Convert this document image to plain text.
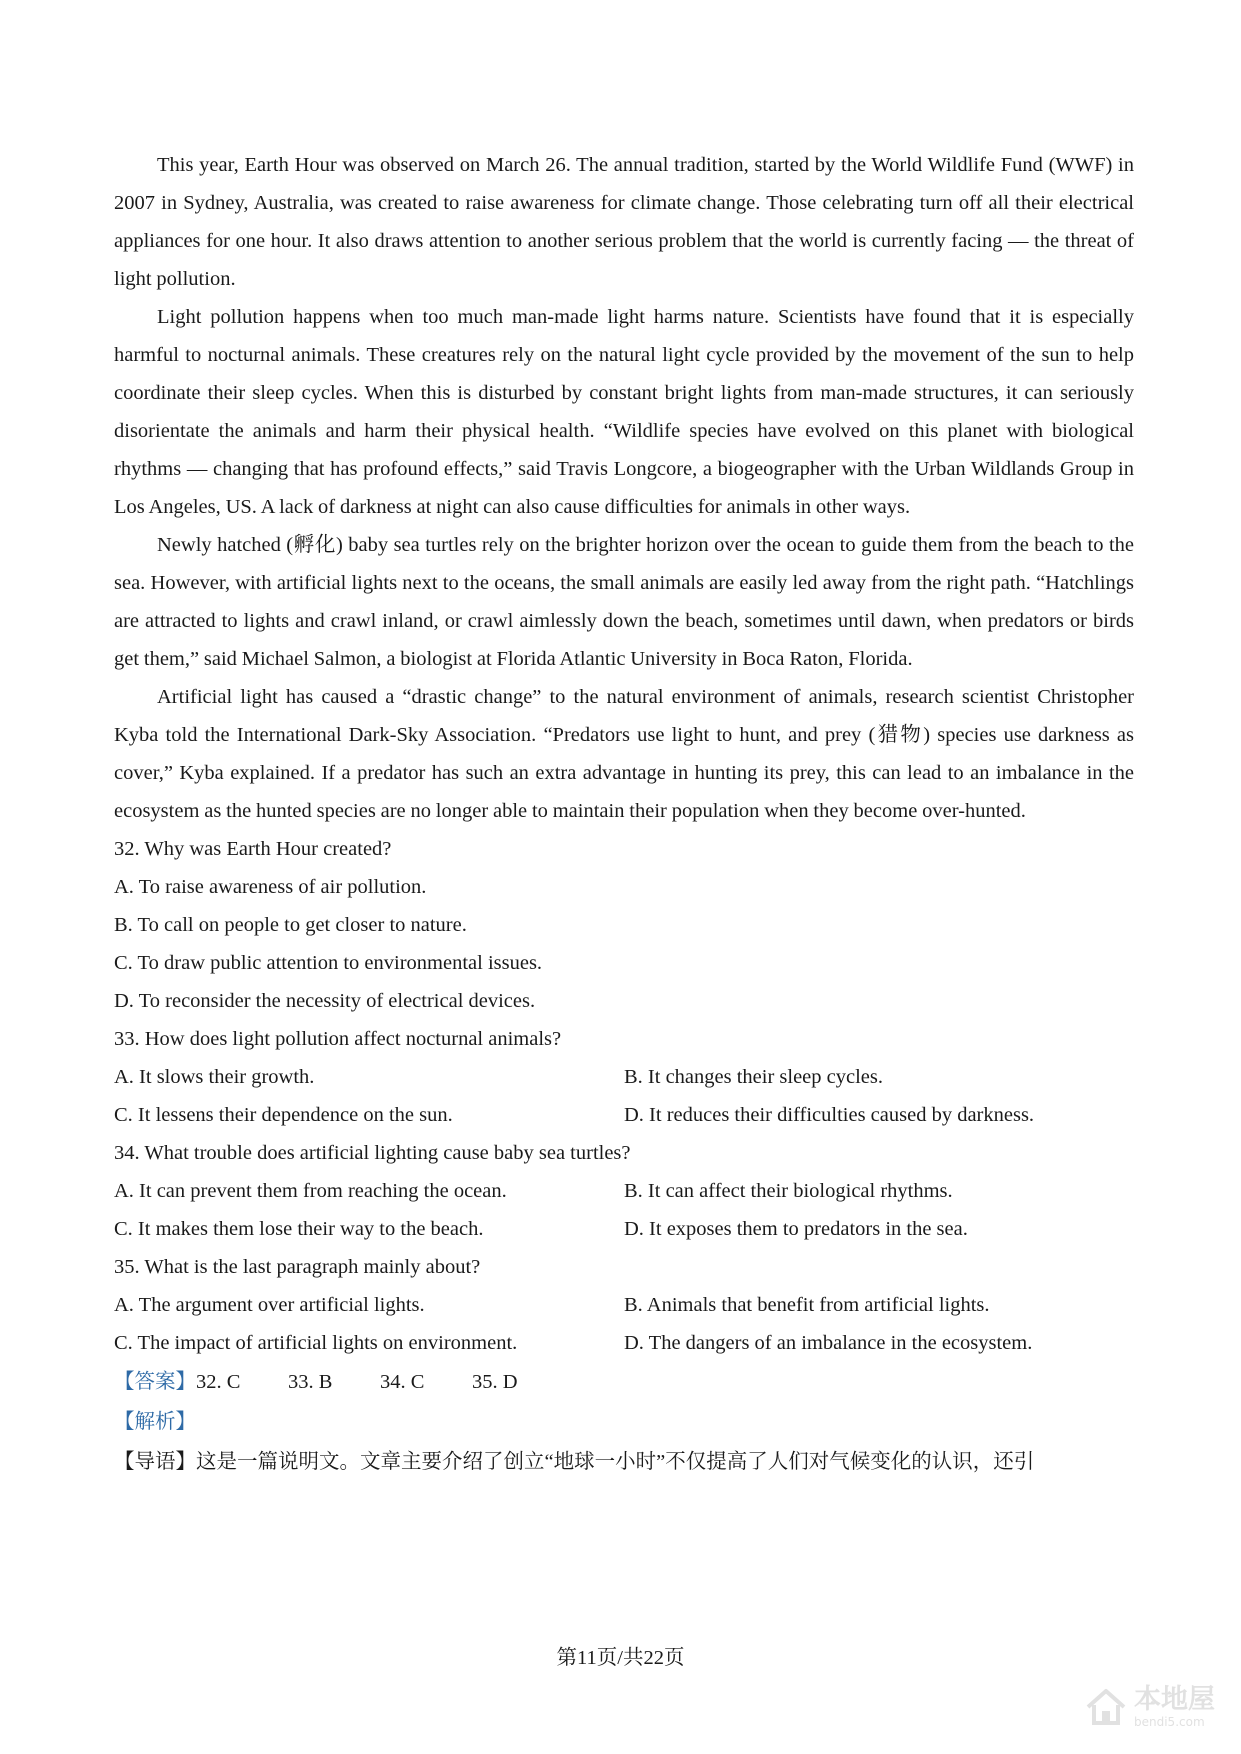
This year, Earth Hour was observed on March 26. The annual tradition, started by the World Wildlife Fund (WWF) in 2007 in Sydney, Australia, was created to raise awareness for climate change. Those celebrating turn off all their electrical appliances for one hour. It also draws attention to another serious problem that the world is currently facing — the threat of light pollution.

Light pollution happens when too much man-made light harms nature. Scientists have found that it is especially harmful to nocturnal animals. These creatures rely on the natural light cycle provided by the movement of the sun to help coordinate their sleep cycles. When this is disturbed by constant bright lights from man-made structures, it can seriously disorientate the animals and harm their physical health. “Wildlife species have evolved on this planet with biological rhythms — changing that has profound effects,” said Travis Longcore, a biogeographer with the Urban Wildlands Group in Los Angeles, US. A lack of darkness at night can also cause difficulties for animals in other ways.

Newly hatched (孵化) baby sea turtles rely on the brighter horizon over the ocean to guide them from the beach to the sea. However, with artificial lights next to the oceans, the small animals are easily led away from the right path. “Hatchlings are attracted to lights and crawl inland, or crawl aimlessly down the beach, sometimes until dawn, when predators or birds get them,” said Michael Salmon, a biologist at Florida Atlantic University in Boca Raton, Florida.

Artificial light has caused a “drastic change” to the natural environment of animals, research scientist Christopher Kyba told the International Dark-Sky Association. “Predators use light to hunt, and prey (猎物) species use darkness as cover,” Kyba explained. If a predator has such an extra advantage in hunting its prey, this can lead to an imbalance in the ecosystem as the hunted species are no longer able to maintain their population when they become over-hunted.

32. Why was Earth Hour created?

A. To raise awareness of air pollution.

B. To call on people to get closer to nature.

C. To draw public attention to environmental issues.

D. To reconsider the necessity of electrical devices.

33. How does light pollution affect nocturnal animals?

A. It slows their growth.	B. It changes their sleep cycles.
C. It lessens their dependence on the sun.	D. It reduces their difficulties caused by darkness.

34. What trouble does artificial lighting cause baby sea turtles?

A. It can prevent them from reaching the ocean.	B. It can affect their biological rhythms.
C. It makes them lose their way to the beach.	D. It exposes them to predators in the sea.

35. What is the last paragraph mainly about?

A. The argument over artificial lights.	B. Animals that benefit from artificial lights.
C. The impact of artificial lights on environment.	D. The dangers of an imbalance in the ecosystem.

【答案】32. C 33. B 34. C 35. D

【解析】

【导语】这是一篇说明文。文章主要介绍了创立“地球一小时”不仅提高了人们对气候变化的认识，还引

第11页/共22页
本地屋
bendi5.com
